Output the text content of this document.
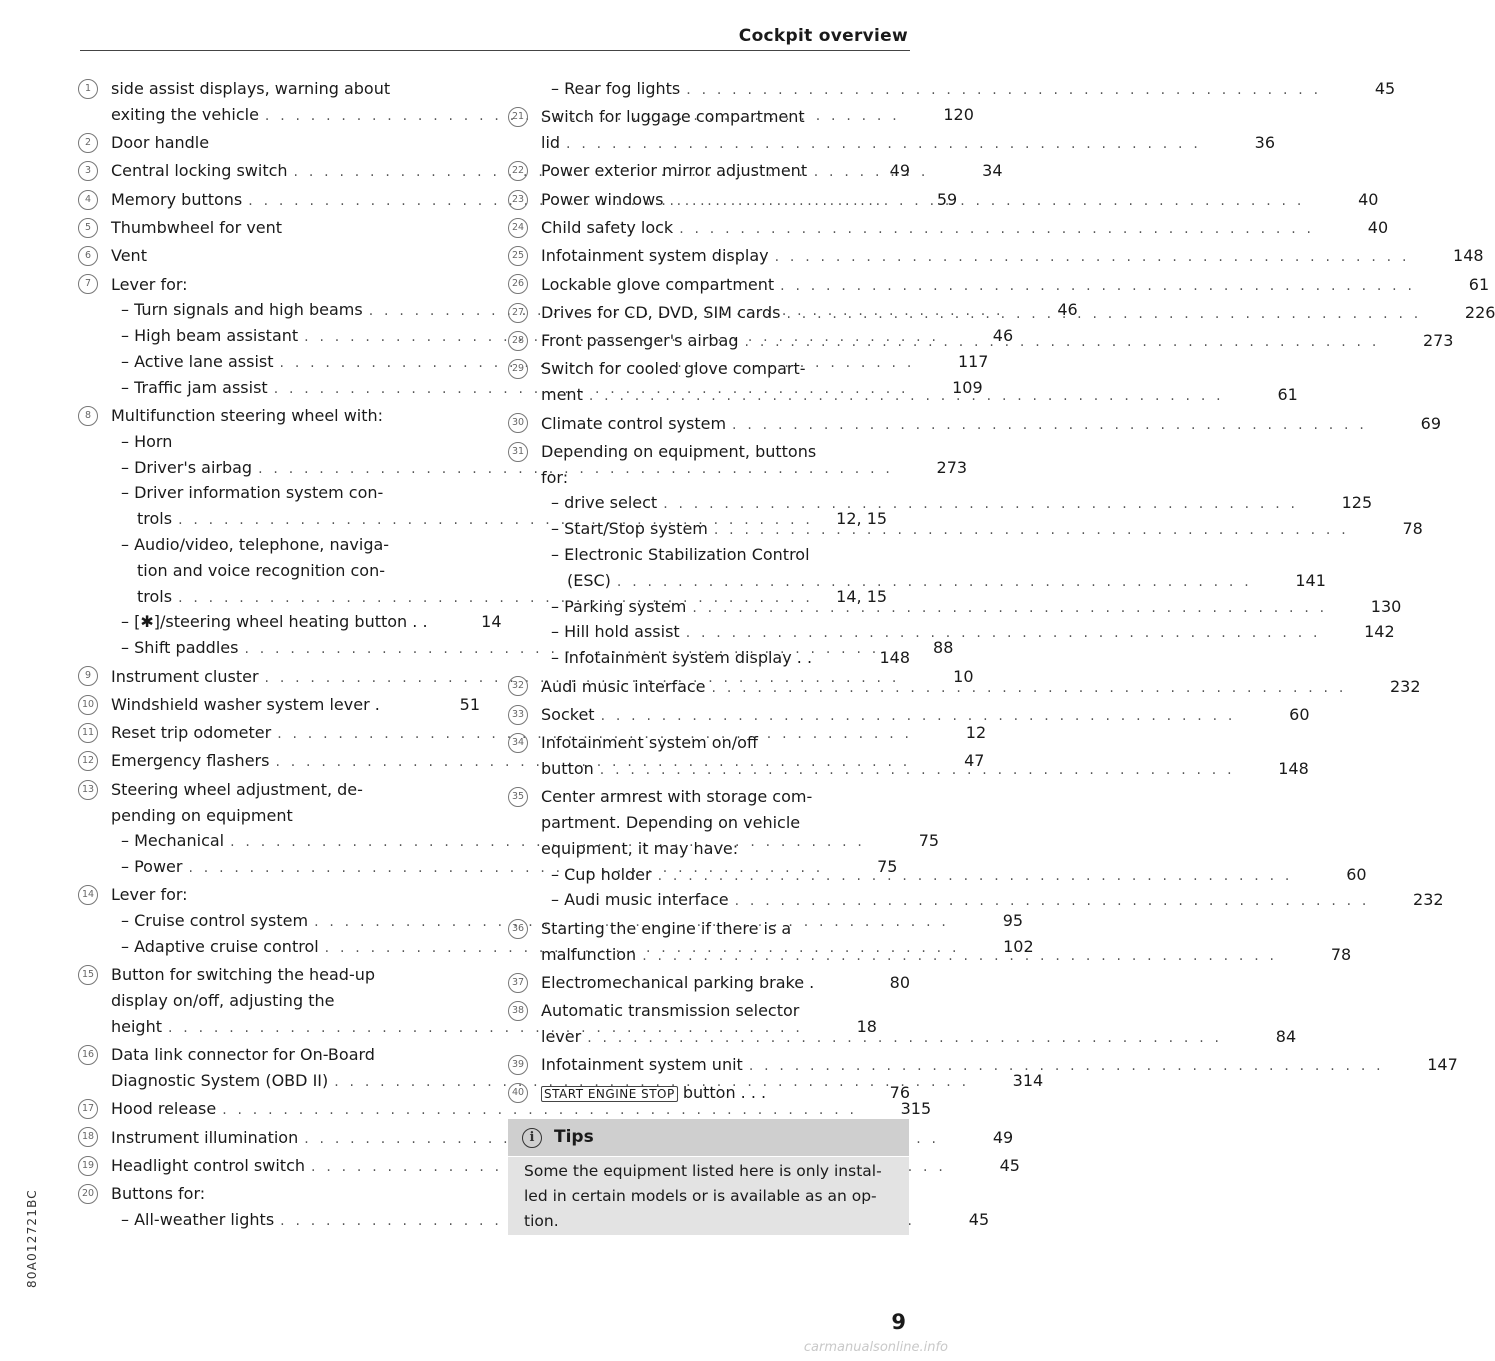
Cockpit overview
1	side assist displays, warning about
exiting the vehicle . . .	120
2	Door handle
3	Central locking switch . . .	34
4	Memory buttons . . .	59
5	Thumbwheel for vent
6	Vent
7	Lever for:
– Turn signals and high beams . . .	46
– High beam assistant . . .	46
– Active lane assist . . .	117
– Traffic jam assist . . .	109
8	Multifunction steering wheel with:
– Horn
– Driver's airbag . . .	273
– Driver information system con-
trols . . .	12, 15
– Audio/video, telephone, naviga-
tion and voice recognition con-
trols . . .	14, 15
– [✱]/steering wheel heating button . .	14
– Shift paddles . . .	88
9	Instrument cluster . . .	10
10 Windshield washer system lever .	51
11 Reset trip odometer . . .	12
12 Emergency flashers . . .	47
13 Steering wheel adjustment, de-
pending on equipment
– Mechanical . . .	75
– Power . . .	75
14 Lever for:
– Cruise control system . . .	95
– Adaptive cruise control . . .	102
15 Button for switching the head-up
display on/off, adjusting the
height . . .	18
16 Data link connector for On-Board
Diagnostic System (OBD II) . . .	314
17 Hood release . . .	315
18 Instrument illumination . . .	49
19 Headlight control switch . . .	45
20 Buttons for:
– All-weather lights . . .	45
– Rear fog lights . . .	45
21 Switch for luggage compartment
lid . . .	36
22 Power exterior mirror adjustment	49
23 Power windows . . .	40
24 Child safety lock . . .	40
25 Infotainment system display . . .	148
26 Lockable glove compartment . . .	61
27 Drives for CD, DVD, SIM cards . . .	226
28 Front passenger's airbag . . .	273
29 Switch for cooled glove compart-
ment . . .	61
30 Climate control system . . .	69
31 Depending on equipment, buttons
for:
– drive select . . .	125
– Start/Stop system . . .	78
– Electronic Stabilization Control
(ESC) . . .	141
– Parking system . . .	130
– Hill hold assist . . .	142
– Infotainment system display . .	148
32 Audi music interface . . .	232
33 Socket . . .	60
34 Infotainment system on/off
button . . .	148
35 Center armrest with storage com-
partment. Depending on vehicle
equipment, it may have:
– Cup holder . . .	60
– Audi music interface . . .	232
36 Starting the engine if there is a
malfunction . . .	78
37 Electromechanical parking brake .	80
38 Automatic transmission selector
lever . . .	84
39 Infotainment system unit . . .	147
40	START ENGINE STOP button . . .	76
i	Tips
Some the equipment listed here is only instal-led in certain models or is available as an op-tion.
80A012721BC
9
carmanualsonline.info
